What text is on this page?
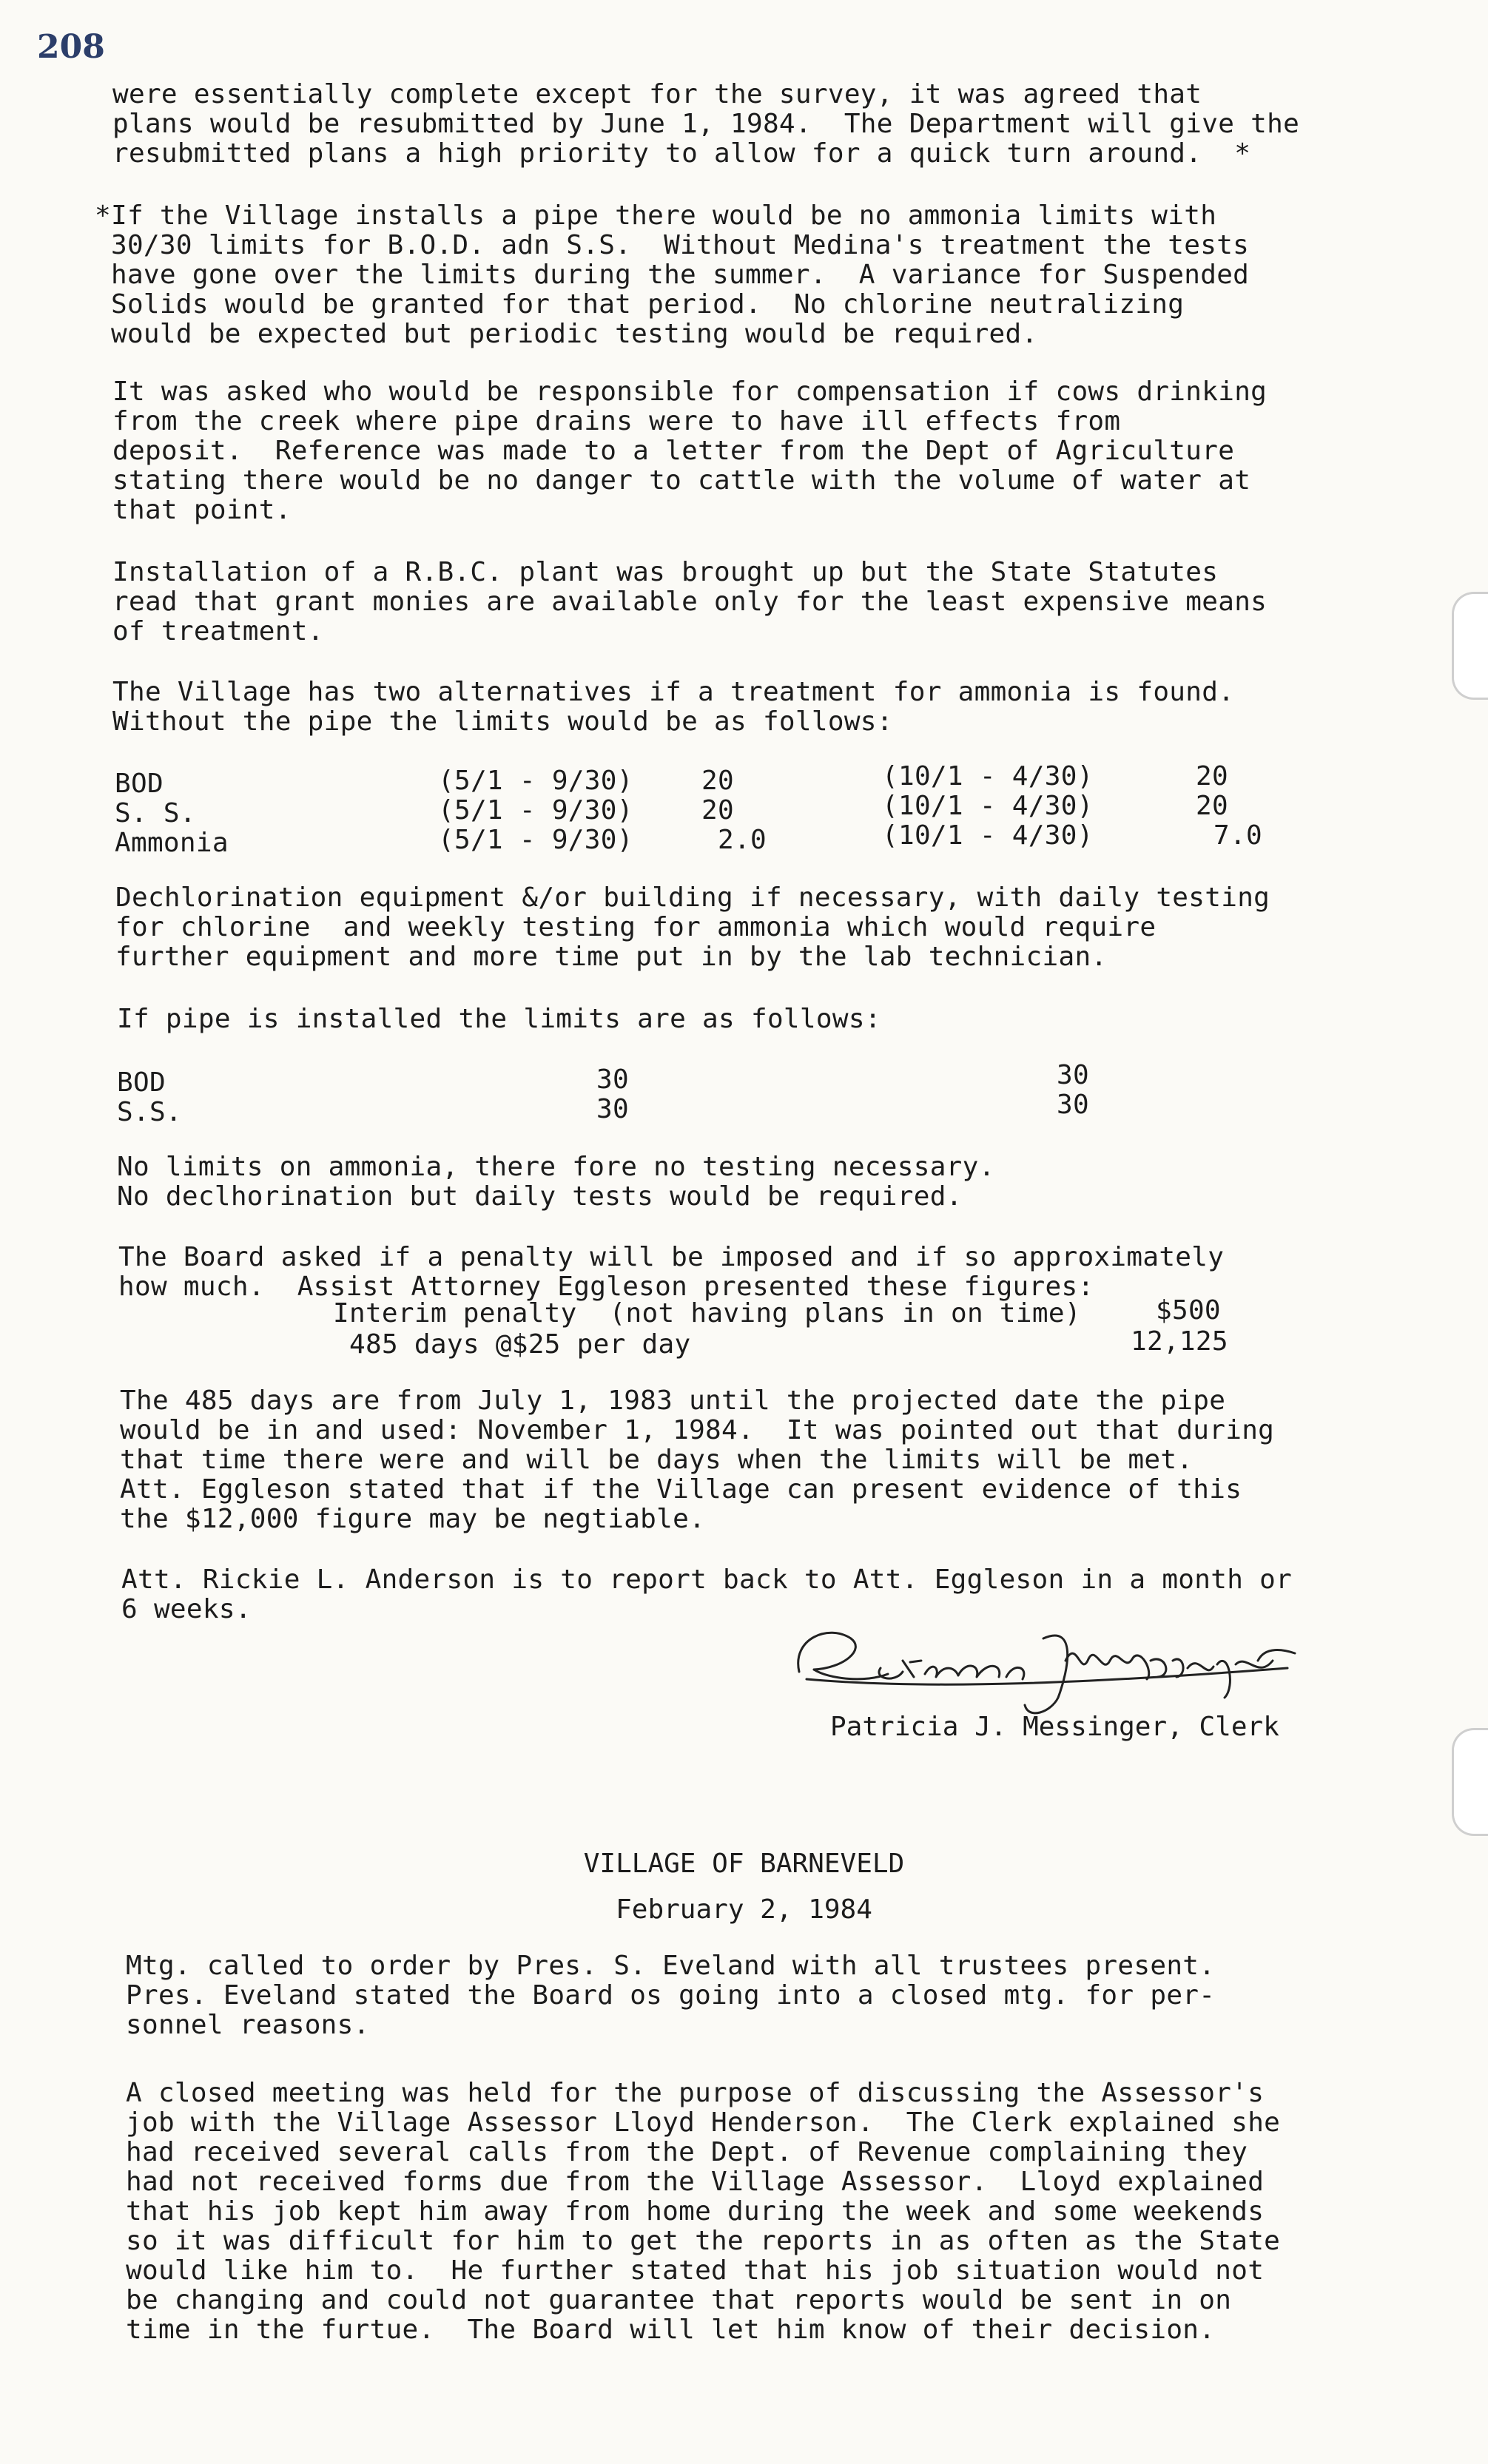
208
were essentially complete except for the survey, it was agreed that
plans would be resubmitted by June 1, 1984.  The Department will give the
resubmitted plans a high priority to allow for a quick turn around.  *
*If the Village installs a pipe there would be no ammonia limits with
30/30 limits for B.O.D. adn S.S.  Without Medina's treatment the tests
have gone over the limits during the summer.  A variance for Suspended
Solids would be granted for that period.  No chlorine neutralizing
would be expected but periodic testing would be required.
It was asked who would be responsible for compensation if cows drinking
from the creek where pipe drains were to have ill effects from
deposit.  Reference was made to a letter from the Dept of Agriculture
stating there would be no danger to cattle with the volume of water at
that point.
Installation of a R.B.C. plant was brought up but the State Statutes
read that grant monies are available only for the least expensive means
of treatment.
The Village has two alternatives if a treatment for ammonia is found.
Without the pipe the limits would be as follows:
BOD	(5/1 - 9/30)	20	(10/1 - 4/30)	20
S. S.	(5/1 - 9/30)	20	(10/1 - 4/30)	20
Ammonia	(5/1 - 9/30)	2.0	(10/1 - 4/30)	7.0
Dechlorination equipment &/or building if necessary, with daily testing
for chlorine  and weekly testing for ammonia which would require
further equipment and more time put in by the lab technician.
If pipe is installed the limits are as follows:
BOD	30	30
S.S.	30	30
No limits on ammonia, there fore no testing necessary.
No declhorination but daily tests would be required.
The Board asked if a penalty will be imposed and if so approximately
how much.  Assist Attorney Eggleson presented these figures:
Interim penalty  (not having plans in on time)	$500
485 days @$25 per day	12,125
The 485 days are from July 1, 1983 until the projected date the pipe
would be in and used: November 1, 1984.  It was pointed out that during
that time there were and will be days when the limits will be met.
Att. Eggleson stated that if the Village can present evidence of this
the $12,000 figure may be negtiable.
Att. Rickie L. Anderson is to report back to Att. Eggleson in a month or
6 weeks.
Patricia J. Messinger, Clerk
VILLAGE OF BARNEVELD
February 2, 1984
Mtg. called to order by Pres. S. Eveland with all trustees present.
Pres. Eveland stated the Board os going into a closed mtg. for per-
sonnel reasons.
A closed meeting was held for the purpose of discussing the Assessor's
job with the Village Assessor Lloyd Henderson.  The Clerk explained she
had received several calls from the Dept. of Revenue complaining they
had not received forms due from the Village Assessor.  Lloyd explained
that his job kept him away from home during the week and some weekends
so it was difficult for him to get the reports in as often as the State
would like him to.  He further stated that his job situation would not
be changing and could not guarantee that reports would be sent in on
time in the furtue.  The Board will let him know of their decision.
